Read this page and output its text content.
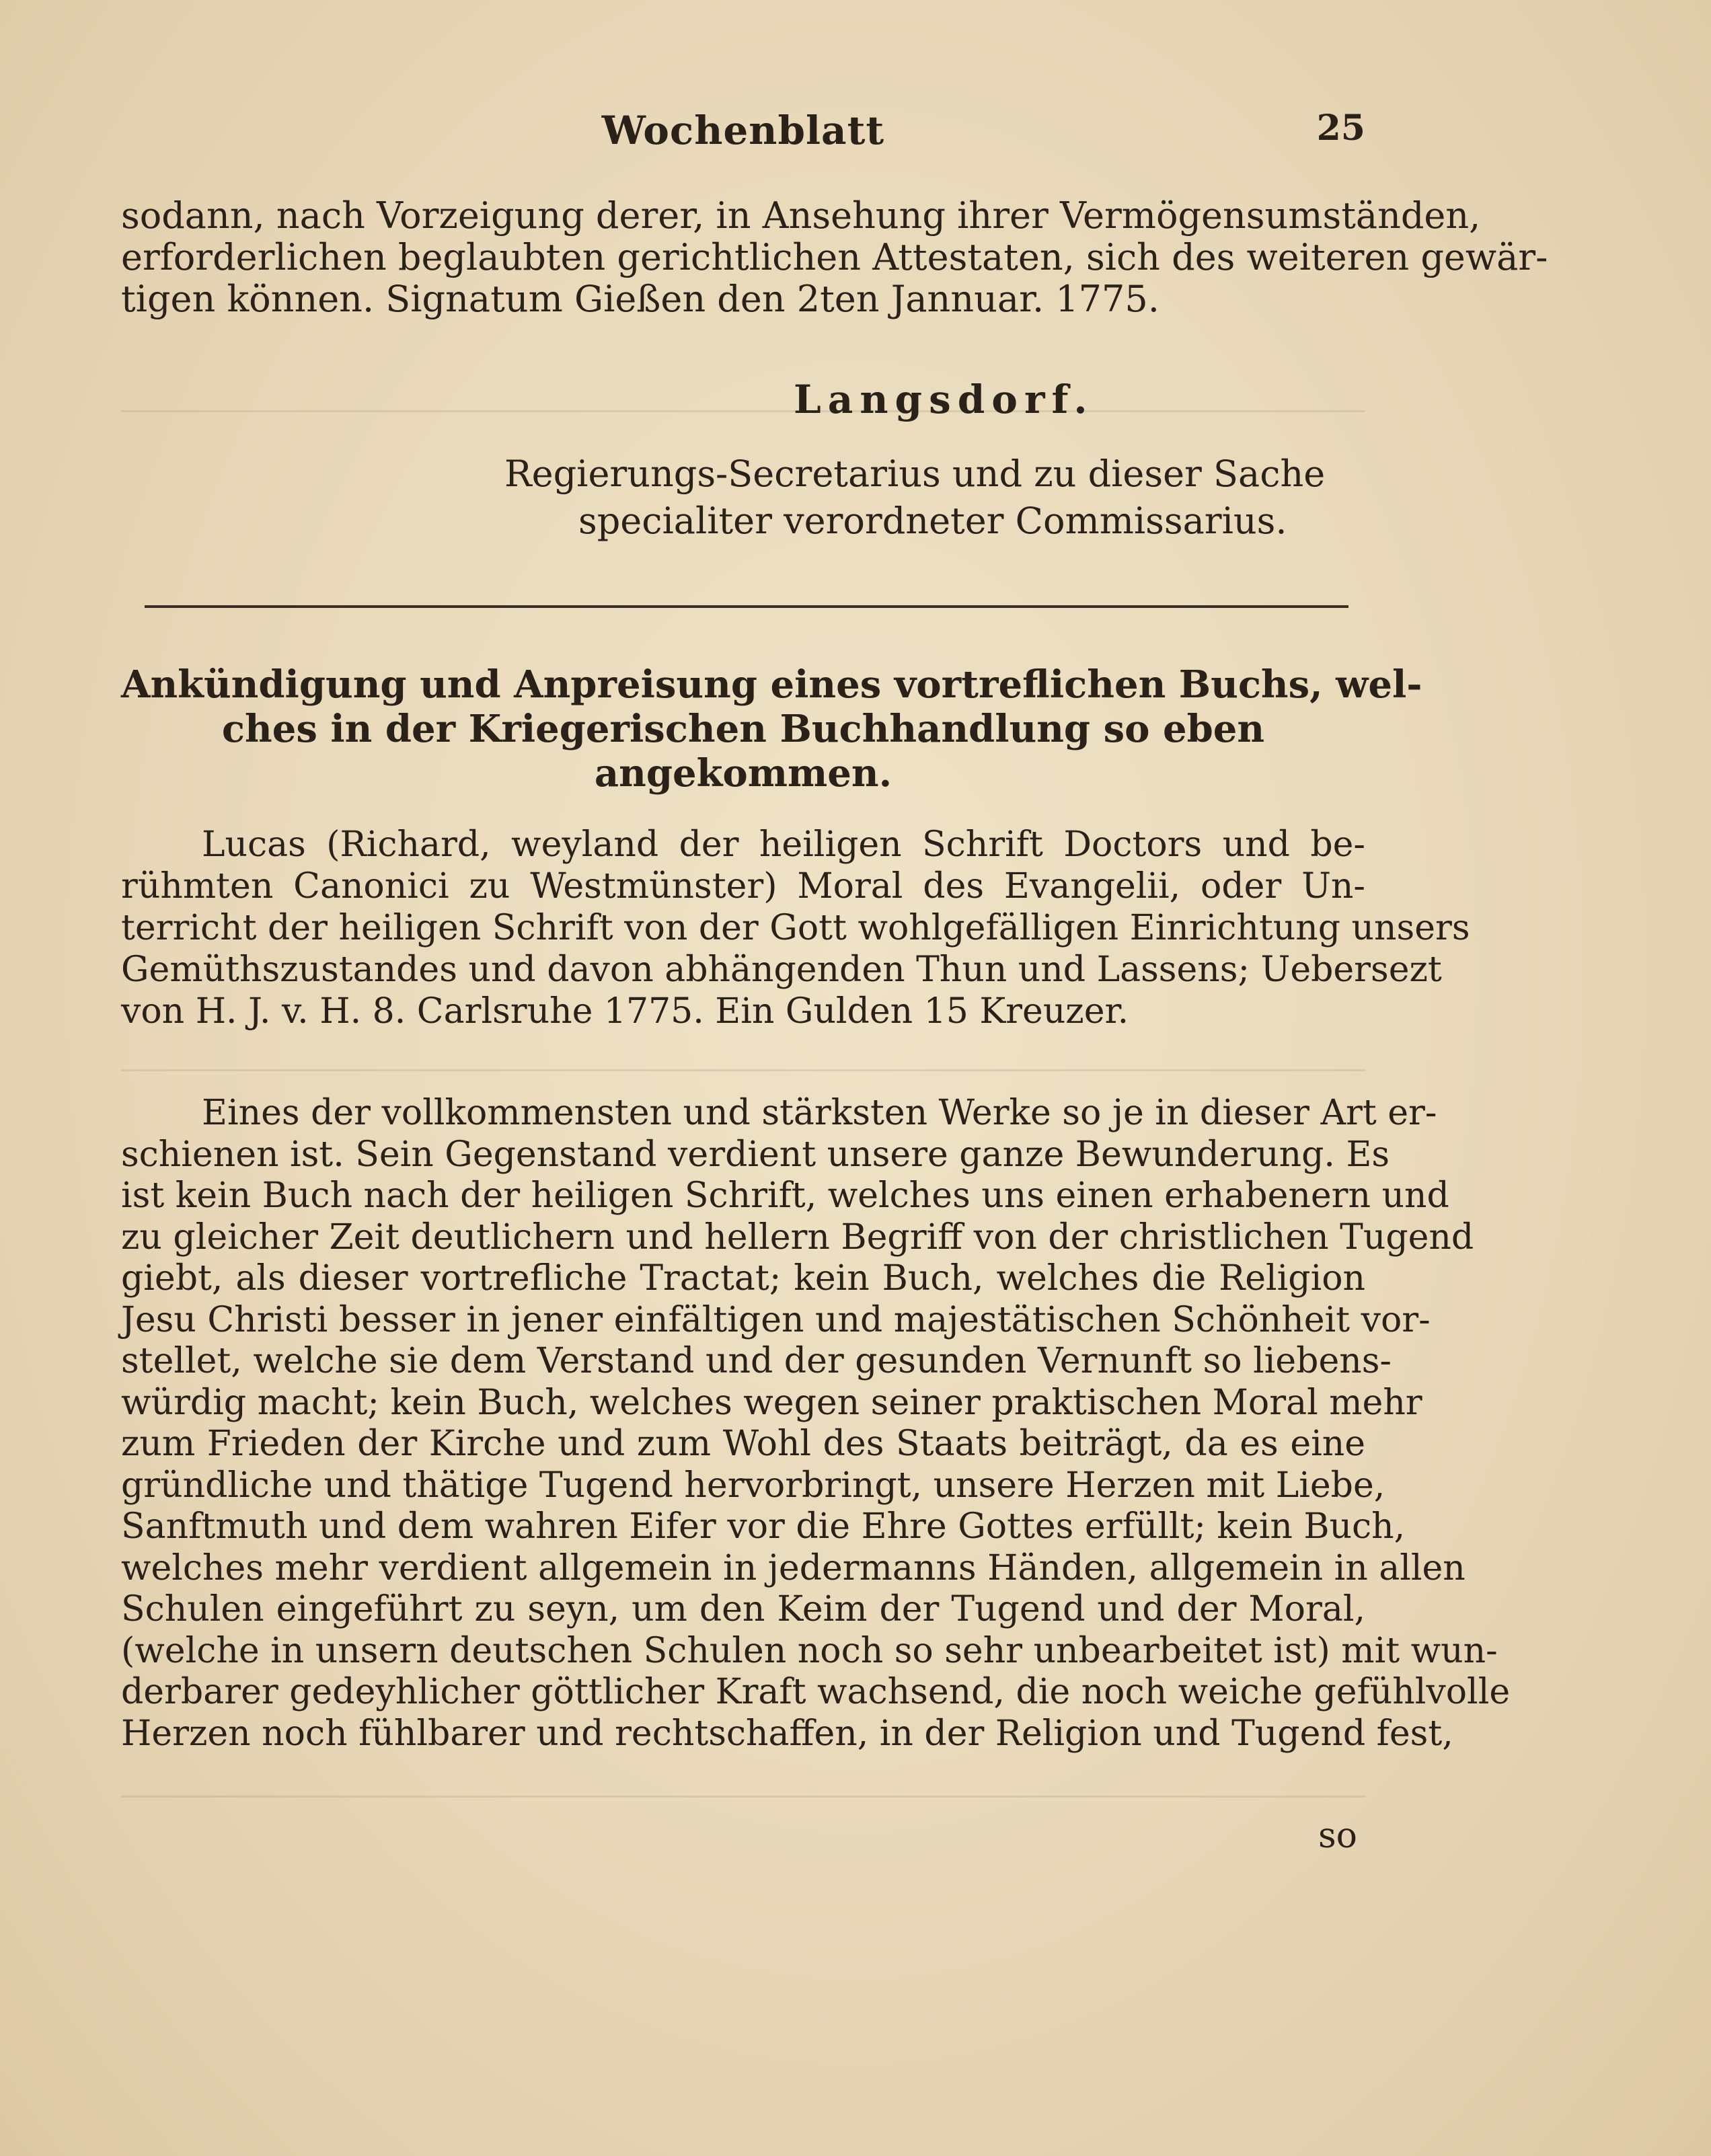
Wochenblatt	25
sodann, nach Vorzeigung derer, in Ansehung ihrer Vermögensumständen,
erforderlichen beglaubten gerichtlichen Attestaten, sich des weiteren gewär-
tigen können. Signatum Gießen den 2ten Jannuar. 1775.
Langsdorf.
Regierungs-Secretarius und zu dieser Sache
specialiter verordneter Commissarius.
Ankündigung und Anpreisung eines vortreflichen Buchs, wel-
ches in der Kriegerischen Buchhandlung so eben
angekommen.
Lucas (Richard, weyland der heiligen Schrift Doctors und be-
rühmten Canonici zu Westmünster) Moral des Evangelii, oder Un-
terricht der heiligen Schrift von der Gott wohlgefälligen Einrichtung unsers
Gemüthszustandes und davon abhängenden Thun und Lassens; Uebersezt
von H. J. v. H. 8. Carlsruhe 1775. Ein Gulden 15 Kreuzer.
Eines der vollkommensten und stärksten Werke so je in dieser Art er-
schienen ist. Sein Gegenstand verdient unsere ganze Bewunderung. Es
ist kein Buch nach der heiligen Schrift, welches uns einen erhabenern und
zu gleicher Zeit deutlichern und hellern Begriff von der christlichen Tugend
giebt, als dieser vortrefliche Tractat; kein Buch, welches die Religion
Jesu Christi besser in jener einfältigen und majestätischen Schönheit vor-
stellet, welche sie dem Verstand und der gesunden Vernunft so liebens-
würdig macht; kein Buch, welches wegen seiner praktischen Moral mehr
zum Frieden der Kirche und zum Wohl des Staats beiträgt, da es eine
gründliche und thätige Tugend hervorbringt, unsere Herzen mit Liebe,
Sanftmuth und dem wahren Eifer vor die Ehre Gottes erfüllt; kein Buch,
welches mehr verdient allgemein in jedermanns Händen, allgemein in allen
Schulen eingeführt zu seyn, um den Keim der Tugend und der Moral,
(welche in unsern deutschen Schulen noch so sehr unbearbeitet ist) mit wun-
derbarer gedeyhlicher göttlicher Kraft wachsend, die noch weiche gefühlvolle
Herzen noch fühlbarer und rechtschaffen, in der Religion und Tugend fest,
so
